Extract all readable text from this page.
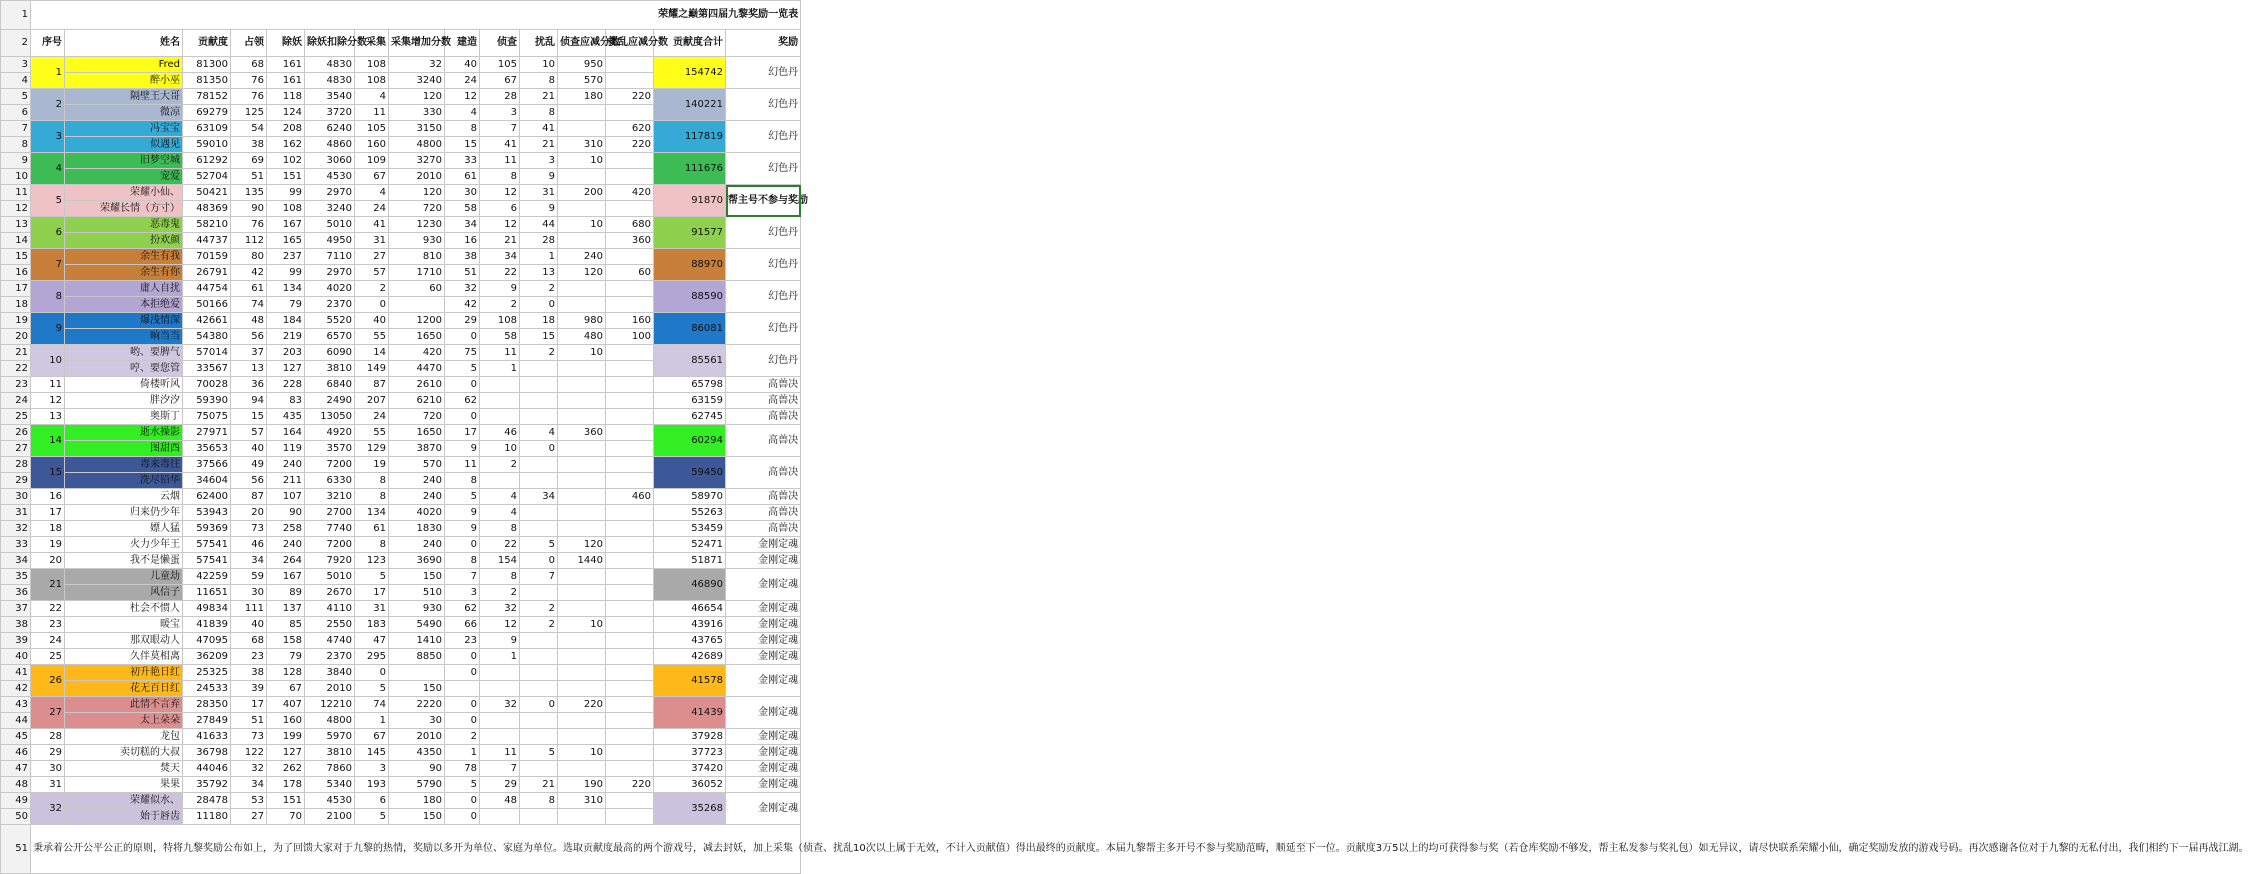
1	荣耀之巅第四届九黎奖励一览表														
2	序号	姓名	贡献度	占领	除妖	除妖扣除分数	采集	采集增加分数	建造	侦查	扰乱	侦查应减分数	扰乱应减分数	贡献度合计	奖励
3	1	Fred	81300	68	161	4830	108	32	40	105	10	950		154742	幻色丹
4		醉小巫	81350	76	161	4830	108	3240	24	67	8	570			
5	2	隔壁王大哥	78152	76	118	3540	4	120	12	28	21	180	220	140221	幻色丹
6		微凉	69279	125	124	3720	11	330	4	3	8				
7	3	冯宝宝	63109	54	208	6240	105	3150	8	7	41		620	117819	幻色丹
8		似遇见	59010	38	162	4860	160	4800	15	41	21	310	220		
9	4	旧梦空城	61292	69	102	3060	109	3270	33	11	3	10		111676	幻色丹
10		宠爱	52704	51	151	4530	67	2010	61	8	9				
11	5	荣耀小仙、	50421	135	99	2970	4	120	30	12	31	200	420	91870	帮主号不参与奖励
12		荣耀长情（方寸）	48369	90	108	3240	24	720	58	6	9				
13	6	恶毒鬼	58210	76	167	5010	41	1230	34	12	44	10	680	91577	幻色丹
14		扮欢颜	44737	112	165	4950	31	930	16	21	28		360		
15	7	余生有我	70159	80	237	7110	27	810	38	34	1	240		88970	幻色丹
16		余生有你	26791	42	99	2970	57	1710	51	22	13	120	60		
17	8	庸人自扰	44754	61	134	4020	2	60	32	9	2			88590	幻色丹
18		本拒绝爱	50166	74	79	2370	0		42	2	0				
19	9	爆浅情深	42661	48	184	5520	40	1200	29	108	18	980	160	86081	幻色丹
20		晌当当	54380	56	219	6570	55	1650	0	58	15	480	100		
21	10	哟、要脾气	57014	37	203	6090	14	420	75	11	2	10		85561	幻色丹
22		哼、要您管	33567	13	127	3810	149	4470	5	1					
23	11	倚楼听风	70028	36	228	6840	87	2610	0					65798	高兽决
24	12	胖汐汐	59390	94	83	2490	207	6210	62					63159	高兽决
25	13	奥斯丁	75075	15	435	13050	24	720	0					62745	高兽决
26	14	逝水操影	27971	57	164	4920	55	1650	17	46	4	360		60294	高兽决
27		图甜酉	35653	40	119	3570	129	3870	9	10	0				
28	15	毒来毒往	37566	49	240	7200	19	570	11	2				59450	高兽决
29		洗尽铅华	34604	56	211	6330	8	240	8						
30	16	云烟	62400	87	107	3210	8	240	5	4	34		460	58970	高兽决
31	17	归来仍少年	53943	20	90	2700	134	4020	9	4				55263	高兽决
32	18	嫖人猛	59369	73	258	7740	61	1830	9	8				53459	高兽决
33	19	火力少年王	57541	46	240	7200	8	240	0	22	5	120		52471	金刚定魂
34	20	我不是懒蛋	57541	34	264	7920	123	3690	8	154	0	1440		51871	金刚定魂
35	21	儿童劫	42259	59	167	5010	5	150	7	8	7			46890	金刚定魂
36		风信子	11651	30	89	2670	17	510	3	2					
37	22	杜会不惯人	49834	111	137	4110	31	930	62	32	2			46654	金刚定魂
38	23	暖宝	41839	40	85	2550	183	5490	66	12	2	10		43916	金刚定魂
39	24	那双眼动人	47095	68	158	4740	47	1410	23	9				43765	金刚定魂
40	25	久伴莫相离	36209	23	79	2370	295	8850	0	1				42689	金刚定魂
41	26	初升艳日红	25325	38	128	3840	0		0					41578	金刚定魂
42		花无百日红	24533	39	67	2010	5	150							
43	27	此情不言弃	28350	17	407	12210	74	2220	0	32	0	220		41439	金刚定魂
44		太上朵朵	27849	51	160	4800	1	30	0						
45	28	龙包	41633	73	199	5970	67	2010	2					37928	金刚定魂
46	29	卖切糕的大叔	36798	122	127	3810	145	4350	1	11	5	10		37723	金刚定魂
47	30	焚天	44046	32	262	7860	3	90	78	7				37420	金刚定魂
48	31	果果	35792	34	178	5340	193	5790	5	29	21	190	220	36052	金刚定魂
49	32	荣耀似水、	28478	53	151	4530	6	180	0	48	8	310		35268	金刚定魂
50		始于唇齿	11180	27	70	2100	5	150	0						
51	秉承着公开公平公正的原则，特将九黎奖励公布如上，为了回馈大家对于九黎的热情，奖励以多开为单位、家庭为单位。选取贡献度最高的两个游戏号，减去封妖，加上采集（侦查、扰乱10次以上属于无效，不计入贡献值）得出最终的贡献度。本届九黎帮主多开号不参与奖励范畴，顺延至下一位。贡献度3万5以上的均可获得参与奖（若仓库奖励不够发，帮主私发参与奖礼包）如无异议，请尽快联系荣耀小仙，确定奖励发放的游戏号码。再次感谢各位对于九黎的无私付出，我们相约下一届再战江湖。														
